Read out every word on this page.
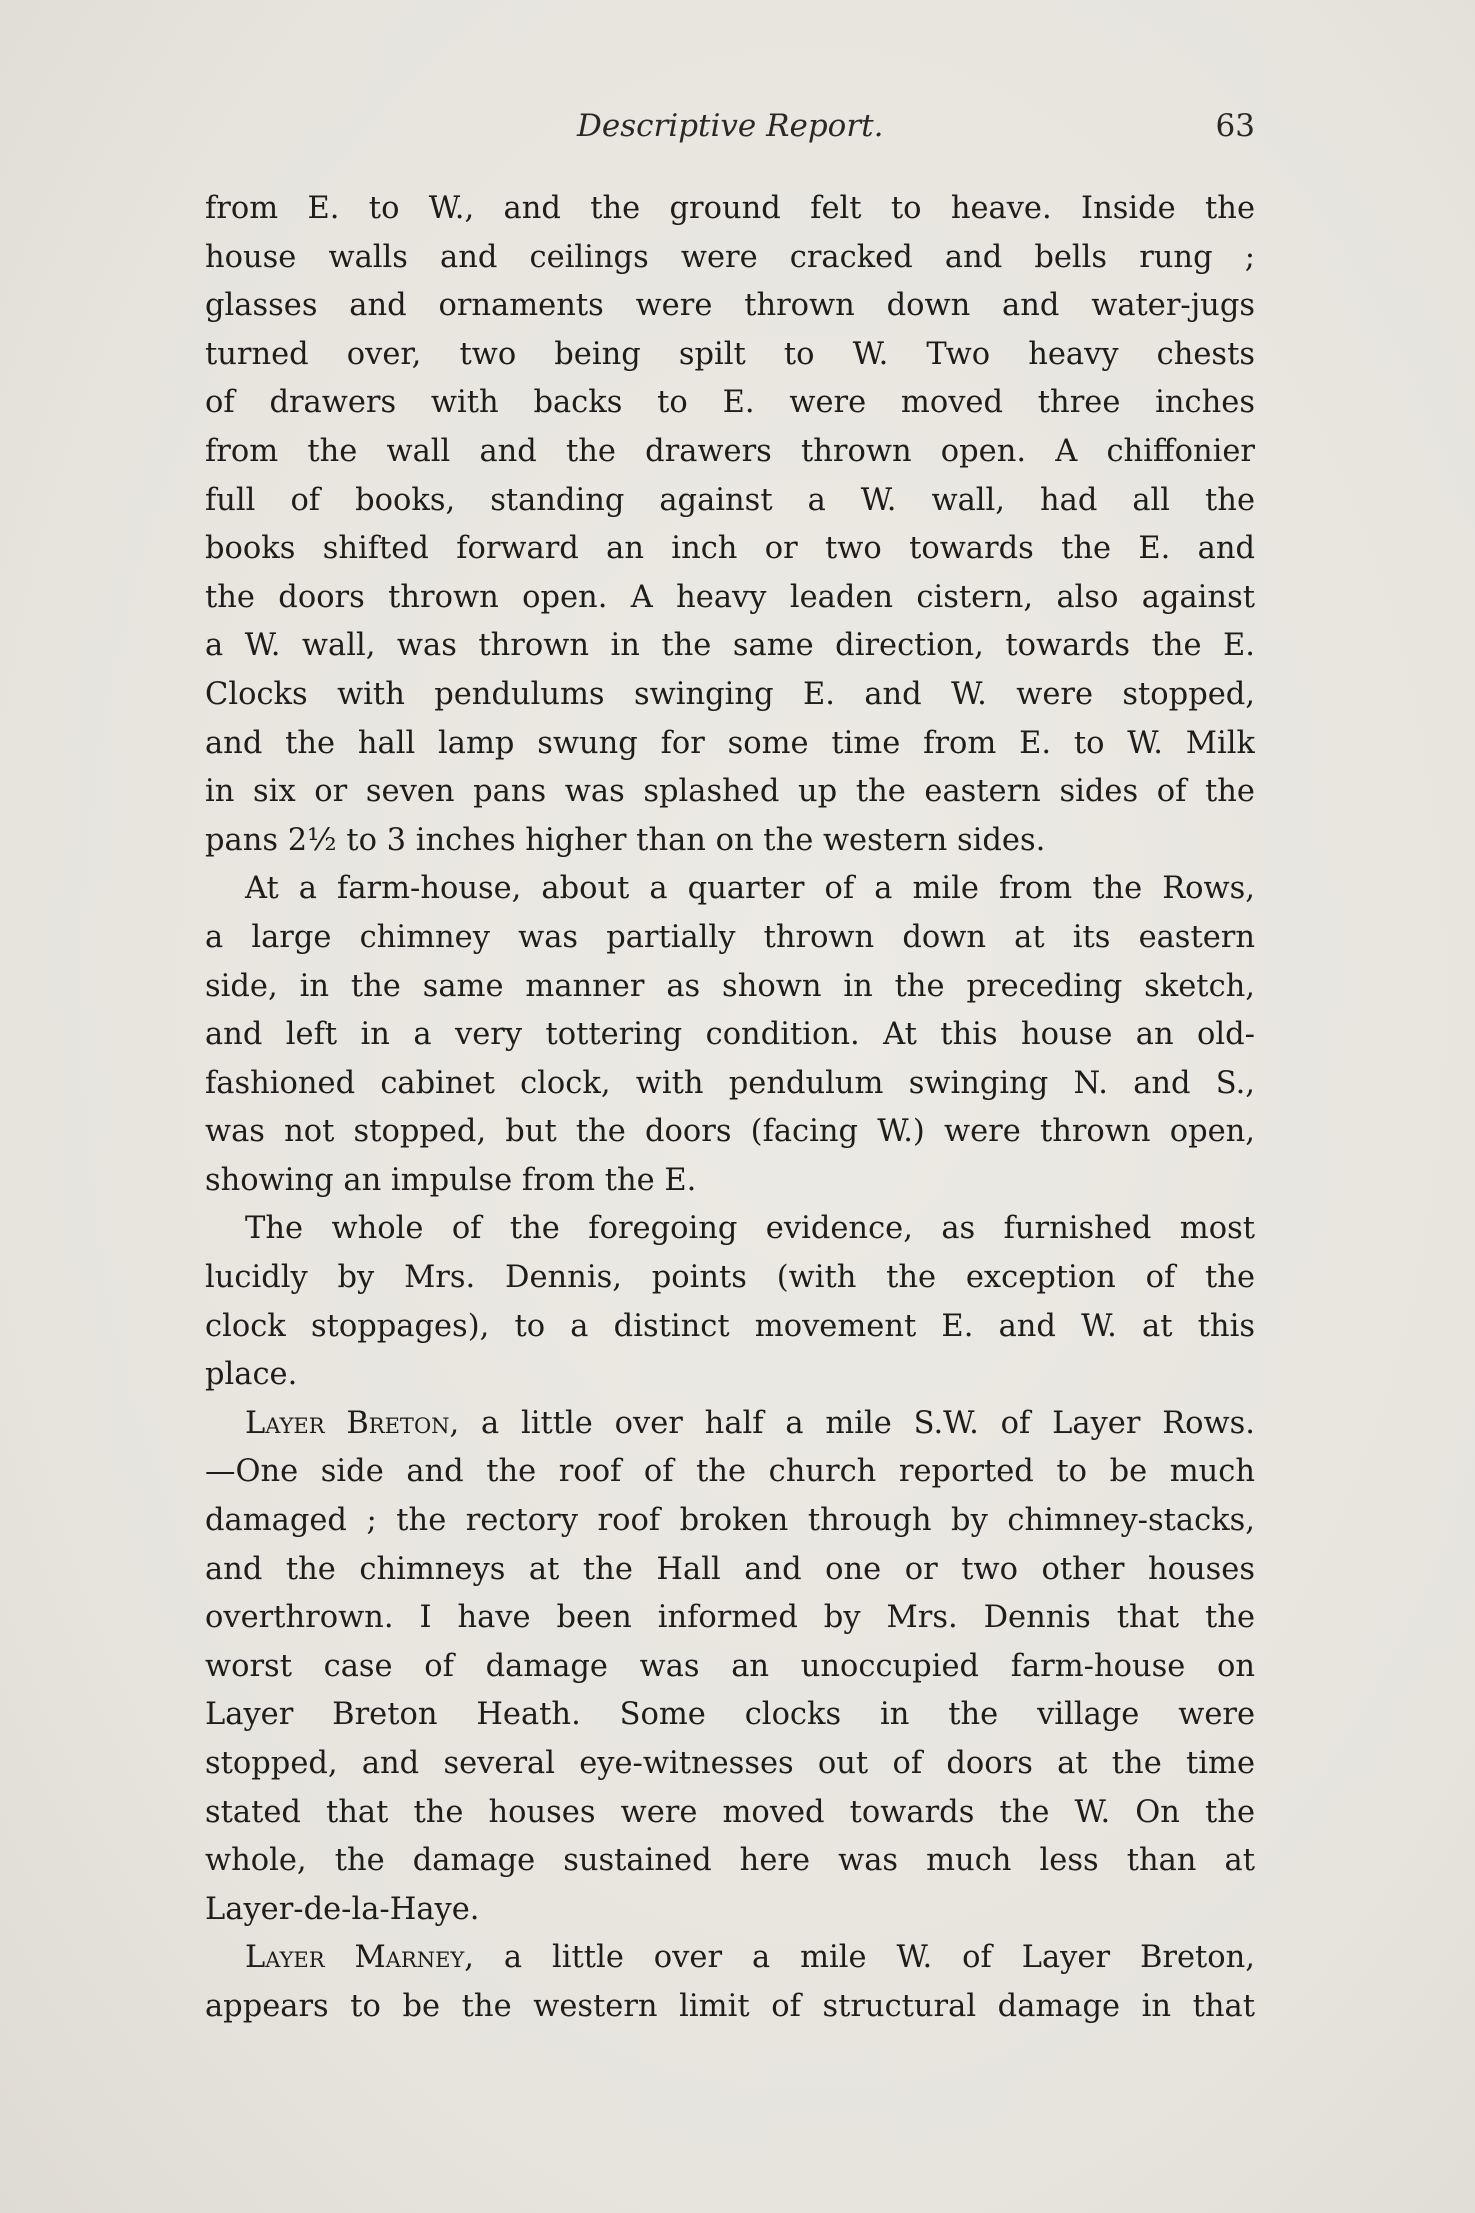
Descriptive Report.	63
from E. to W., and the ground felt to heave. Inside the
house walls and ceilings were cracked and bells rung ;
glasses and ornaments were thrown down and water-jugs
turned over, two being spilt to W. Two heavy chests
of drawers with backs to E. were moved three inches
from the wall and the drawers thrown open. A chiffonier
full of books, standing against a W. wall, had all the
books shifted forward an inch or two towards the E. and
the doors thrown open. A heavy leaden cistern, also against
a W. wall, was thrown in the same direction, towards the E.
Clocks with pendulums swinging E. and W. were stopped,
and the hall lamp swung for some time from E. to W. Milk
in six or seven pans was splashed up the eastern sides of the
pans 2½ to 3 inches higher than on the western sides.
At a farm-house, about a quarter of a mile from the Rows,
a large chimney was partially thrown down at its eastern
side, in the same manner as shown in the preceding sketch,
and left in a very tottering condition. At this house an old-
fashioned cabinet clock, with pendulum swinging N. and S.,
was not stopped, but the doors (facing W.) were thrown open,
showing an impulse from the E.
The whole of the foregoing evidence, as furnished most
lucidly by Mrs. Dennis, points (with the exception of the
clock stoppages), to a distinct movement E. and W. at this
place.
Layer Breton, a little over half a mile S.W. of Layer Rows.
—One side and the roof of the church reported to be much
damaged ; the rectory roof broken through by chimney-stacks,
and the chimneys at the Hall and one or two other houses
overthrown. I have been informed by Mrs. Dennis that the
worst case of damage was an unoccupied farm-house on
Layer Breton Heath. Some clocks in the village were
stopped, and several eye-witnesses out of doors at the time
stated that the houses were moved towards the W. On the
whole, the damage sustained here was much less than at
Layer-de-la-Haye.
Layer Marney, a little over a mile W. of Layer Breton,
appears to be the western limit of structural damage in that
